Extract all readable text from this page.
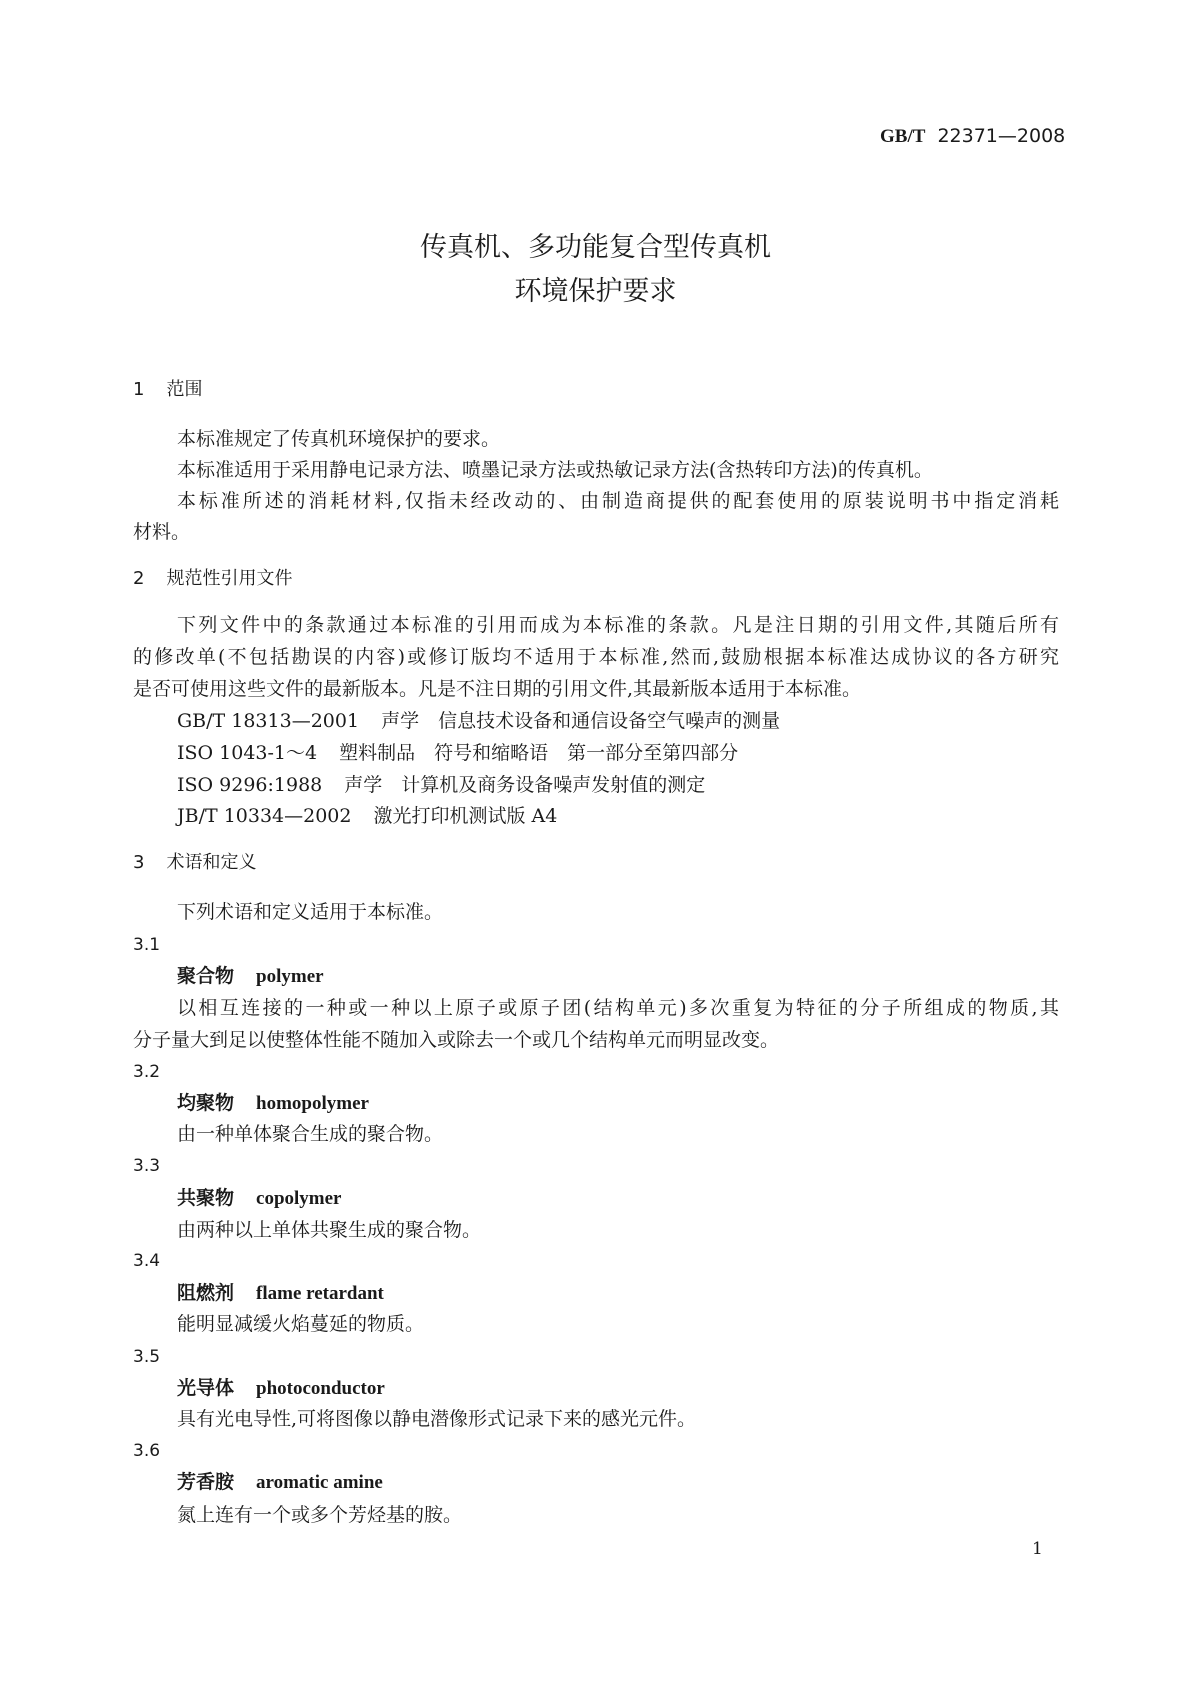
GB/T 22371—2008
传真机、多功能复合型传真机
环境保护要求
1 范围
本标准规定了传真机环境保护的要求。
本标准适用于采用静电记录方法、喷墨记录方法或热敏记录方法(含热转印方法)的传真机。
本标准所述的消耗材料,仅指未经改动的、由制造商提供的配套使用的原装说明书中指定消耗
材料。
2 规范性引用文件
下列文件中的条款通过本标准的引用而成为本标准的条款。凡是注日期的引用文件,其随后所有
的修改单(不包括勘误的内容)或修订版均不适用于本标准,然而,鼓励根据本标准达成协议的各方研究
是否可使用这些文件的最新版本。凡是不注日期的引用文件,其最新版本适用于本标准。
GB/T 18313—2001 声学　信息技术设备和通信设备空气噪声的测量
ISO 1043-1～4 塑料制品　符号和缩略语　第一部分至第四部分
ISO 9296:1988 声学　计算机及商务设备噪声发射值的测定
JB/T 10334—2002 激光打印机测试版 A4
3 术语和定义
下列术语和定义适用于本标准。
3.1
聚合物 polymer
以相互连接的一种或一种以上原子或原子团(结构单元)多次重复为特征的分子所组成的物质,其
分子量大到足以使整体性能不随加入或除去一个或几个结构单元而明显改变。
3.2
均聚物 homopolymer
由一种单体聚合生成的聚合物。
3.3
共聚物 copolymer
由两种以上单体共聚生成的聚合物。
3.4
阻燃剂 flame retardant
能明显减缓火焰蔓延的物质。
3.5
光导体 photoconductor
具有光电导性,可将图像以静电潜像形式记录下来的感光元件。
3.6
芳香胺 aromatic amine
氮上连有一个或多个芳烃基的胺。
1
